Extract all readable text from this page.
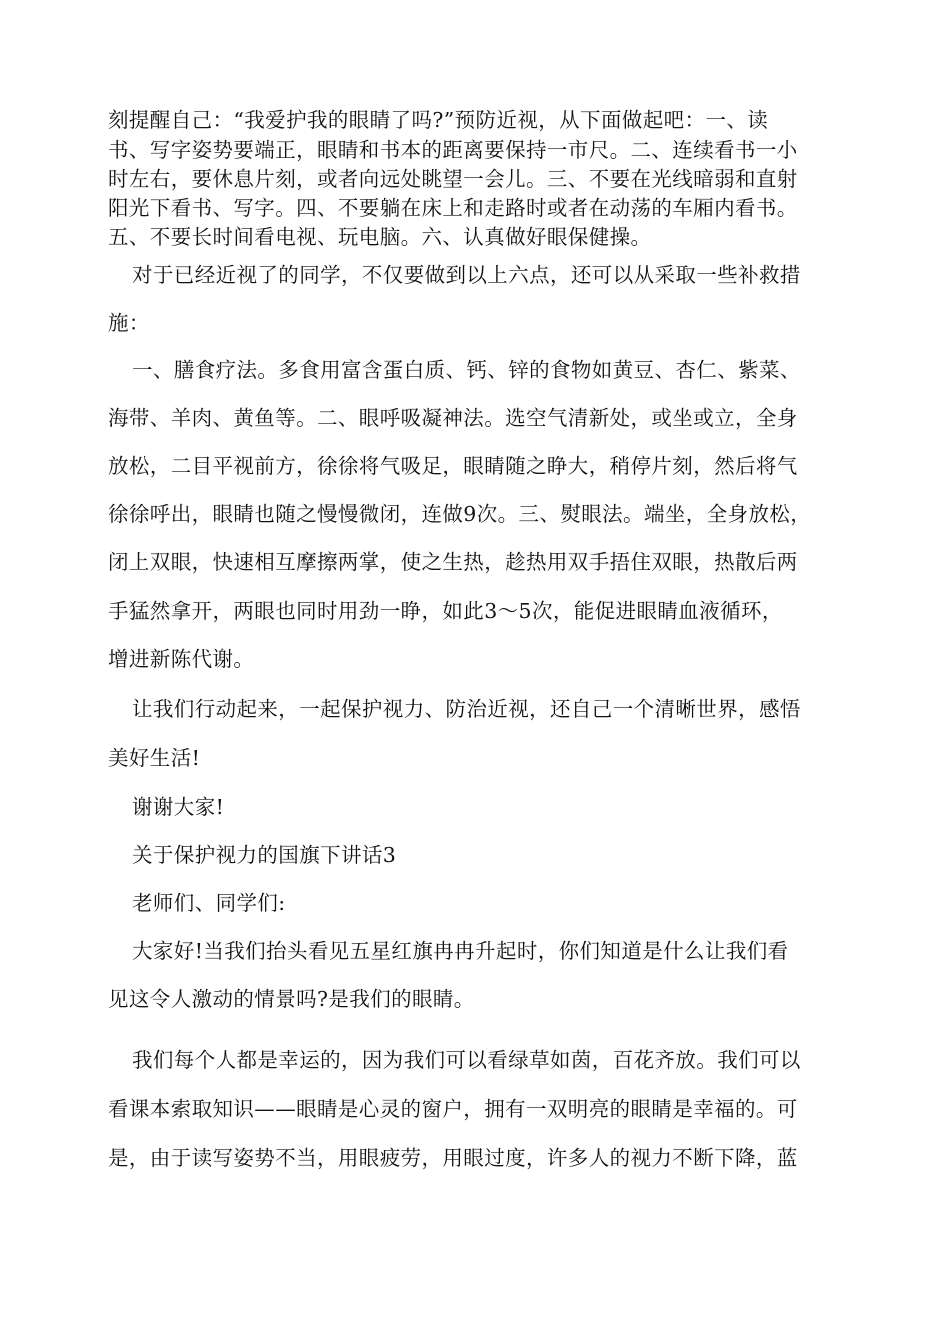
刻提醒自己：“我爱护我的眼睛了吗?”预防近视，从下面做起吧：一、读
书、写字姿势要端正，眼睛和书本的距离要保持一市尺。二、连续看书一小
时左右，要休息片刻，或者向远处眺望一会儿。三、不要在光线暗弱和直射
阳光下看书、写字。四、不要躺在床上和走路时或者在动荡的车厢内看书。
五、不要长时间看电视、玩电脑。六、认真做好眼保健操。
对于已经近视了的同学，不仅要做到以上六点，还可以从采取一些补救措
施：
一、膳食疗法。多食用富含蛋白质、钙、锌的食物如黄豆、杏仁、紫菜、
海带、羊肉、黄鱼等。二、眼呼吸凝神法。选空气清新处，或坐或立，全身
放松，二目平视前方，徐徐将气吸足，眼睛随之睁大，稍停片刻，然后将气
徐徐呼出，眼睛也随之慢慢微闭，连做9次。三、熨眼法。端坐，全身放松，
闭上双眼，快速相互摩擦两掌，使之生热，趁热用双手捂住双眼，热散后两
手猛然拿开，两眼也同时用劲一睁，如此3～5次，能促进眼睛血液循环，
增进新陈代谢。
让我们行动起来，一起保护视力、防治近视，还自己一个清晰世界，感悟
美好生活!
谢谢大家!
关于保护视力的国旗下讲话3
老师们、同学们:
大家好!当我们抬头看见五星红旗冉冉升起时，你们知道是什么让我们看
见这令人激动的情景吗?是我们的眼睛。
我们每个人都是幸运的，因为我们可以看绿草如茵，百花齐放。我们可以
看课本索取知识——眼睛是心灵的窗户，拥有一双明亮的眼睛是幸福的。可
是，由于读写姿势不当，用眼疲劳，用眼过度，许多人的视力不断下降，蓝
